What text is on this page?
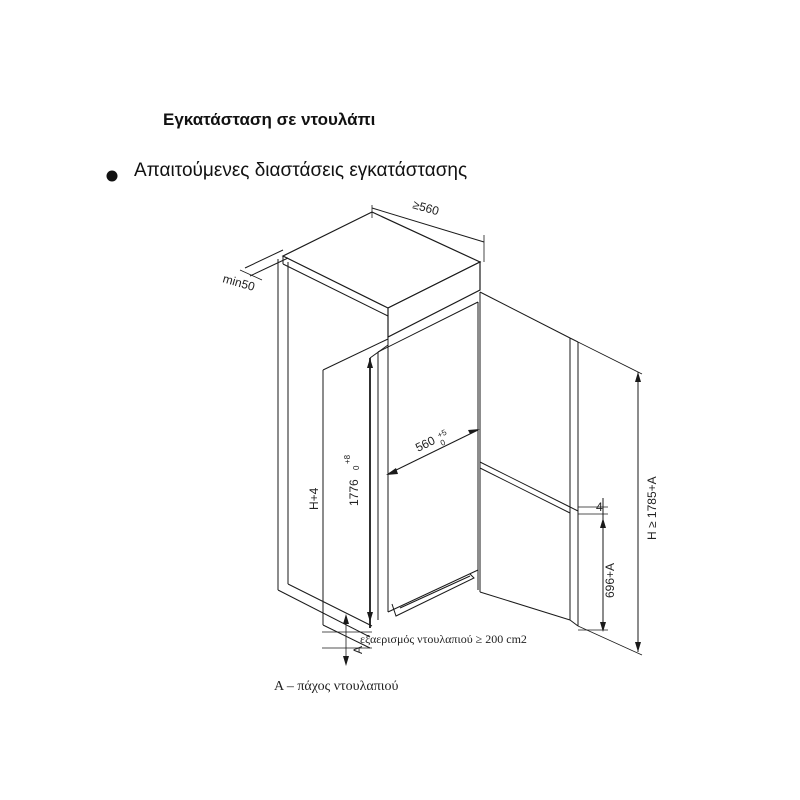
Εγκατάσταση σε ντουλάπι
Απαιτούμενες διαστάσεις εγκατάστασης
≥560
min50
H+4 1776
+8
0
560
+5
0
4
696+A
H ≥ 1785+A
εξαερισμός ντουλαπιού ≥ 200 cm2
A
A – πάχος ντουλαπιού
